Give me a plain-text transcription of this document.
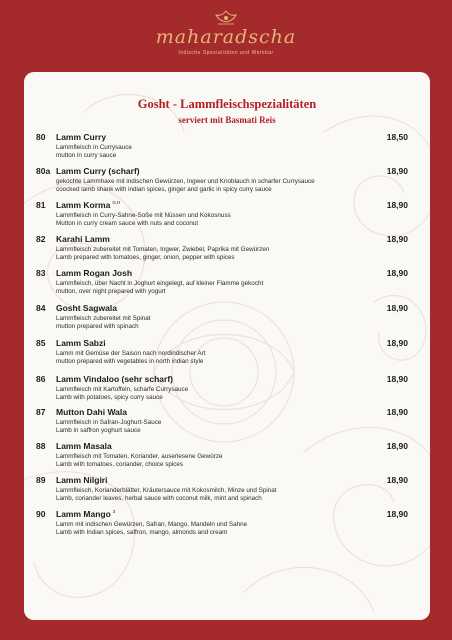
maharadscha
Indische Spezialitäten und Weinbar
Gosht - Lammfleischspezialitäten
serviert mit Basmati Reis
80 Lamm Curry	18,50
Lammfleisch in Currysauce
mutton in curry sauce
80a Lamm Curry (scharf)	18,90
gekochte Lammhaxe mit indischen Gewürzen, Ingwer und Knoblauch in scharfer Currysauce
coocked lamb shank with indian spices, ginger and garlic in spicy curry sauce
81 Lamm Korma $^{G,H}$	18,90
Lammfleisch in Curry-Sahne-Soße mit Nüssen und Kokosnuss
Mutton in curry cream sauce with nuts and coconut
82 Karahi Lamm	18,90
Lammfleisch zubereitet mit Tomaten, Ingwer, Zwiebel, Paprika mit Gewürzen
Lamb prepared with tomatoes, ginger, onion, pepper with spices
83 Lamm Rogan Josh	18,90
Lammfleisch, über Nacht in Joghurt eingelegt, auf kleiner Flamme gekocht
mutton, over night prepared with yogurt
84 Gosht Sagwala	18,90
Lammfleisch zubereitet mit Spinat
mutton prepared with spinach
85 Lamm Sabzi	18,90
Lamm mit Gemüse der Saison nach nordindischer Art
mutton prepared with vegetables in north indian style
86 Lamm Vindaloo (sehr scharf)	18,90
Lammfleisch mit Kartoffeln, scharfe Currysauce
Lamb with potatoes, spicy curry sauce
87 Mutton Dahi Wala	18,90
Lammfleisch in Safran-Joghurt-Sauce
Lamb in saffron yoghurt sauce
88 Lamm Masala	18,90
Lammfleisch mit Tomaten, Koriander, auserlesene Gewürze
Lamb with tomatoes, coriander, choice spices
89 Lamm Nilgiri	18,90
Lammfleisch, Korianderblätter, Kräutersauce mit Kokosmilch, Minze und Spinat
Lamb, coriander leaves, herbal sauce with coconut milk, mint and spinach
90 Lamm Mango $^3$	18,90
Lamm mit indischen Gewürzen, Safran, Mango, Mandeln und Sahne
Lamb with Indian spices, saffron, mango, almonds and cream
